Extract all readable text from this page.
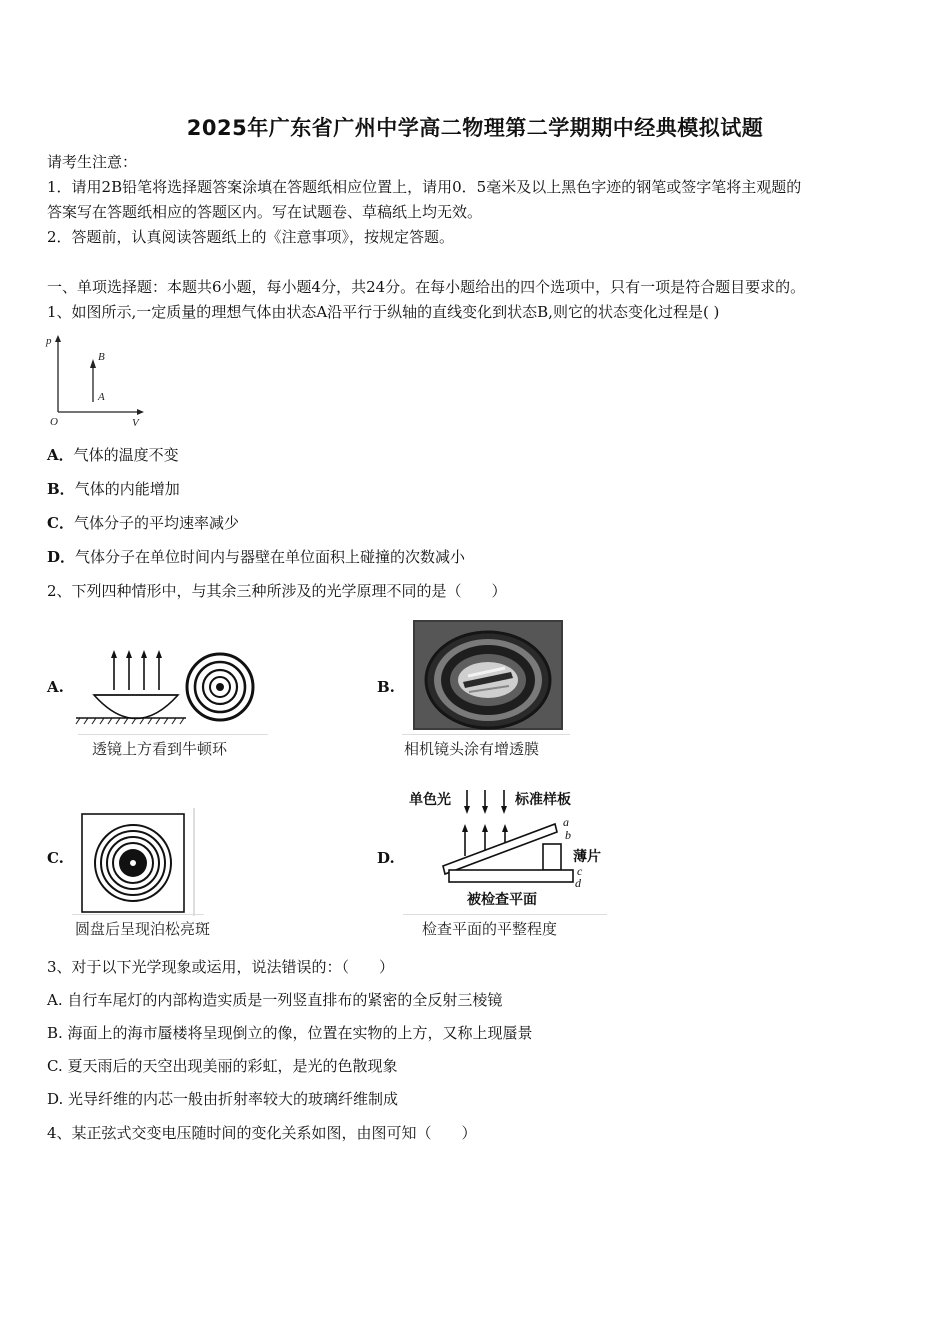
2025年广东省广州中学高二物理第二学期期中经典模拟试题
请考生注意：
1．请用2B铅笔将选择题答案涂填在答题纸相应位置上，请用0．5毫米及以上黑色字迹的钢笔或签字笔将主观题的
答案写在答题纸相应的答题区内。写在试题卷、草稿纸上均无效。
2．答题前，认真阅读答题纸上的《注意事项》，按规定答题。
一、单项选择题：本题共6小题，每小题4分，共24分。在每小题给出的四个选项中，只有一项是符合题目要求的。
1、如图所示,一定质量的理想气体由状态A沿平行于纵轴的直线变化到状态B,则它的状态变化过程是( )
p
V
O
A
B
A．气体的温度不变
B．气体的内能增加
C．气体分子的平均速率减少
D．气体分子在单位时间内与器壁在单位面积上碰撞的次数减小
2、下列四种情形中，与其余三种所涉及的光学原理不同的是（　　）
A.
透镜上方看到牛顿环
B.
相机镜头涂有增透膜
C.
圆盘后呈现泊松亮斑
D.
单色光	标准样板
a
b
薄片
c
d
被检查平面
检查平面的平整程度
3、对于以下光学现象或运用，说法错误的：（　　）
A. 自行车尾灯的内部构造实质是一列竖直排布的紧密的全反射三棱镜
B. 海面上的海市蜃楼将呈现倒立的像，位置在实物的上方，又称上现蜃景
C. 夏天雨后的天空出现美丽的彩虹，是光的色散现象
D. 光导纤维的内芯一般由折射率较大的玻璃纤维制成
4、某正弦式交变电压随时间的变化关系如图，由图可知（　　）
